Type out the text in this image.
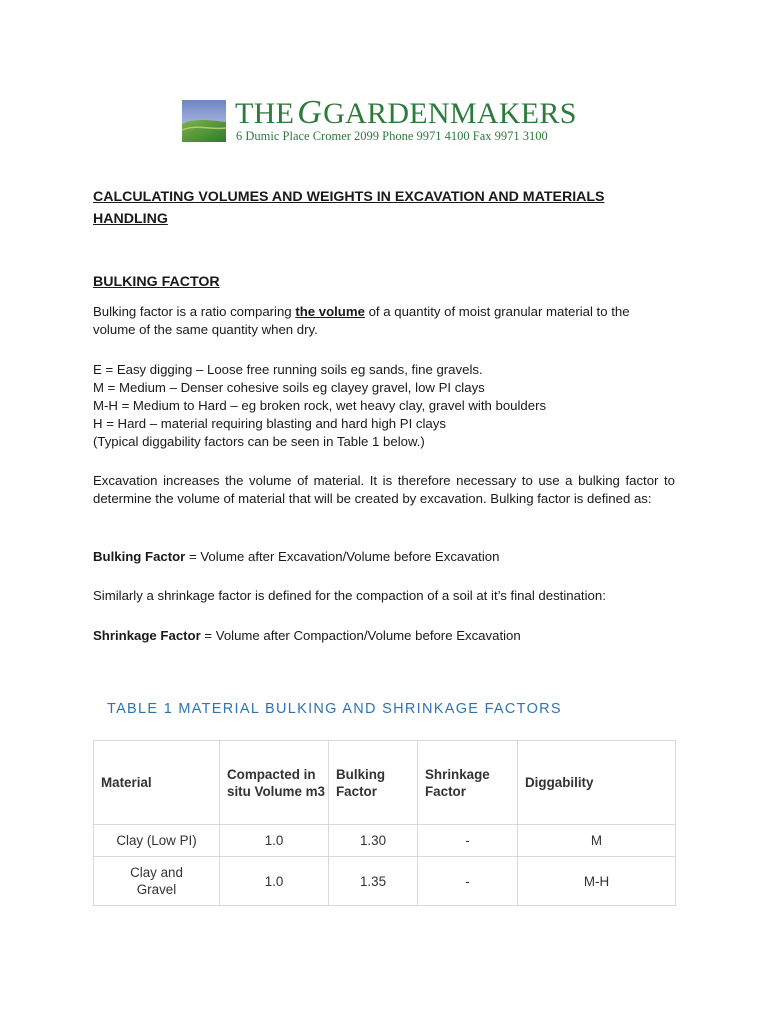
THEGGARDENMAKERS
6 Dumic Place Cromer 2099 Phone 9971 4100 Fax 9971 3100
CALCULATING VOLUMES AND WEIGHTS IN EXCAVATION AND MATERIALS HANDLING
BULKING FACTOR
Bulking factor is a ratio comparing the volume of a quantity of moist granular material to the volume of the same quantity when dry.
E = Easy digging – Loose free running soils eg sands, fine gravels.
M = Medium – Denser cohesive soils eg clayey gravel, low PI clays
M-H = Medium to Hard – eg broken rock, wet heavy clay, gravel with boulders
H = Hard – material requiring blasting and hard high PI clays
(Typical diggability factors can be seen in Table 1 below.)
Excavation increases the volume of material. It is therefore necessary to use a bulking factor to determine the volume of material that will be created by excavation. Bulking factor is defined as:
Bulking Factor = Volume after Excavation/Volume before Excavation
Similarly a shrinkage factor is defined for the compaction of a soil at it’s final destination:
Shrinkage Factor = Volume after Compaction/Volume before Excavation
TABLE 1 MATERIAL BULKING AND SHRINKAGE FACTORS
Material	Compacted in situ Volume m3	Bulking Factor	Shrinkage Factor	Diggability
Clay (Low PI)	1.0	1.30	-	M
Clay and Gravel	1.0	1.35	-	M-H
